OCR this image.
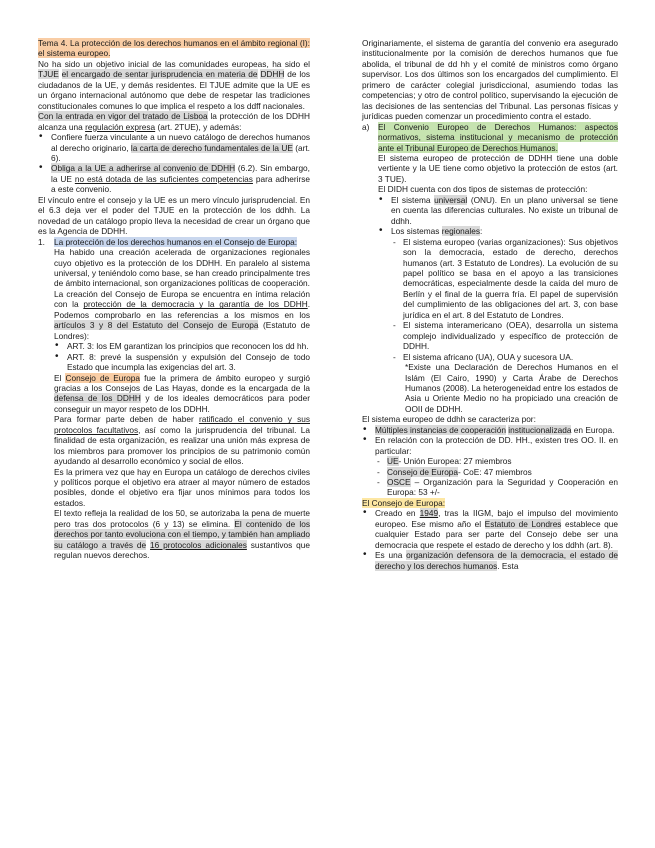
Tema 4. La protección de los derechos humanos en el ámbito regional (I): el sistema europeo.

No ha sido un objetivo inicial de las comunidades europeas, ha sido el TJUE el encargado de sentar jurisprudencia en materia de DDHH de los ciudadanos de la UE, y demás residentes. El TJUE admite que la UE es un órgano internacional autónomo que debe de respetar las tradiciones constitucionales comunes lo que implica el respeto a los ddff nacionales.

Con la entrada en vigor del tratado de Lisboa la protección de los DDHH alcanza una regulación expresa (art. 2TUE), y además:

• Confiere fuerza vinculante a un nuevo catálogo de derechos humanos al derecho originario, la carta de derecho fundamentales de la UE (art. 6).
• Obliga a la UE a adherirse al convenio de DDHH (6.2). Sin embargo, la UE no está dotada de las suficientes competencias para adherirse a este convenio.

El vínculo entre el consejo y la UE es un mero vínculo jurisprudencial. En el 6.3 deja ver el poder del TJUE en la protección de los ddhh. La novedad de un catálogo propio lleva la necesidad de crear un órgano que es la Agencia de DDHH.

1. La protección de los derechos humanos en el Consejo de Europa:

Ha habido una creación acelerada de organizaciones regionales cuyo objetivo es la protección de los DDHH. En paralelo al sistema universal, y teniéndolo como base, se han creado principalmente tres de ámbito internacional, son organizaciones políticas de cooperación.

La creación del Consejo de Europa se encuentra en íntima relación con la protección de la democracia y la garantía de los DDHH. Podemos comprobarlo en las referencias a los mismos en los artículos 3 y 8 del Estatuto del Consejo de Europa (Estatuto de Londres):

• ART. 3: los EM garantizan los principios que reconocen los dd hh.
• ART. 8: prevé la suspensión y expulsión del Consejo de todo Estado que incumpla las exigencias del art. 3.

El Consejo de Europa fue la primera de ámbito europeo y surgió gracias a los Consejos de Las Hayas, donde es la encargada de la defensa de los DDHH y de los ideales democráticos para poder conseguir un mayor respeto de los DDHH.

Para formar parte deben de haber ratificado el convenio y sus protocolos facultativos, así como la jurisprudencia del tribunal. La finalidad de esta organización, es realizar una unión más expresa de los miembros para promover los principios de su patrimonio común ayudando al desarrollo económico y social de ellos.

Es la primera vez que hay en Europa un catálogo de derechos civiles y políticos porque el objetivo era atraer al mayor número de estados posibles, donde el objetivo era fijar unos mínimos para todos los estados.

El texto refleja la realidad de los 50, se autorizaba la pena de muerte pero tras dos protocolos (6 y 13) se elimina. El contenido de los derechos por tanto evoluciona con el tiempo, y también han ampliado su catálogo a través de 16 protocolos adicionales sustantivos que regulan nuevos derechos.

Originariamente, el sistema de garantía del convenio era asegurado institucionalmente por la comisión de derechos humanos que fue abolida, el tribunal de dd hh y el comité de ministros como órgano supervisor. Los dos últimos son los encargados del cumplimiento. El primero de carácter colegial jurisdiccional, asumiendo todas las competencias; y otro de control político, supervisando la ejecución de las decisiones de las sentencias del Tribunal. Las personas físicas y jurídicas pueden comenzar un procedimiento contra el estado.

a) El Convenio Europeo de Derechos Humanos: aspectos normativos, sistema institucional y mecanismo de protección ante el Tribunal Europeo de Derechos Humanos.

El sistema europeo de protección de DDHH tiene una doble vertiente y la UE tiene como objetivo la protección de estos (art. 3 TUE).

El DIDH cuenta con dos tipos de sistemas de protección:

• El sistema universal (ONU). En un plano universal se tiene en cuenta las diferencias culturales. No existe un tribunal de ddhh.
• Los sistemas regionales:
- El sistema europeo (varias organizaciones): Sus objetivos son la democracia, estado de derecho, derechos humanos (art. 3 Estatuto de Londres). La evolución de su papel político se basa en el apoyo a las transiciones democráticas, especialmente desde la caída del muro de Berlín y el final de la guerra fría. El papel de supervisión del cumplimiento de las obligaciones del art. 3, con base jurídica en el art. 8 del Estatuto de Londres.
- El sistema interamericano (OEA), desarrolla un sistema complejo individualizado y específico de protección de DDHH.
- El sistema africano (UA), OUA y sucesora UA.

*Existe una Declaración de Derechos Humanos en el Islám (El Cairo, 1990) y Carta Árabe de Derechos Humanos (2008). La heterogeneidad entre los estados de Asia u Oriente Medio no ha propiciado una creación de OOII de DDHH.

El sistema europeo de ddhh se caracteriza por:

• Múltiples instancias de cooperación institucionalizada en Europa.
• En relación con la protección de DD. HH., existen tres OO. II. en particular:
- UE- Unión Europea: 27 miembros
- Consejo de Europa- CoE: 47 miembros
- OSCE – Organización para la Seguridad y Cooperación en Europa: 53 +/-

El Consejo de Europa:

• Creado en 1949, tras la IIGM, bajo el impulso del movimiento europeo. Ese mismo año el Estatuto de Londres establece que cualquier Estado para ser parte del Consejo debe ser una democracia que respete el estado de derecho y los ddhh (art. 8).
• Es una organización defensora de la democracia, el estado de derecho y los derechos humanos. Esta
